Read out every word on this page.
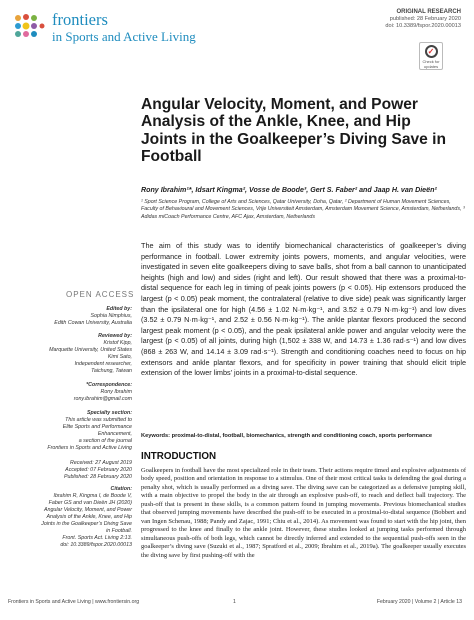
frontiers
in Sports and Active Living
ORIGINAL RESEARCH
published: 28 February 2020
doi: 10.3389/fspor.2020.00013
✓
Check for updates
Angular Velocity, Moment, and Power Analysis of the Ankle, Knee, and Hip Joints in the Goalkeeper’s Diving Save in Football
Rony Ibrahim¹*, Idsart Kingma², Vosse de Boode³, Gert S. Faber² and Jaap H. van Dieën²
¹ Sport Science Program, College of Arts and Sciences, Qatar University, Doha, Qatar, ² Department of Human Movement Sciences, Faculty of Behavioural and Movement Sciences, Vrije Universiteit Amsterdam, Amsterdam Movement Science, Amsterdam, Netherlands, ³ Adidas miCoach Performance Centre, AFC Ajax, Amsterdam, Netherlands
The aim of this study was to identify biomechanical characteristics of goalkeeper’s diving performance in football. Lower extremity joints powers, moments, and angular velocities, were investigated in seven elite goalkeepers diving to save balls, shot from a ball cannon to unanticipated heights (high and low) and sides (right and left). Our result showed that there was a proximal-to-distal sequence for each leg in timing of peak joints powers (p < 0.05). Hip extensors produced the largest (p < 0.05) peak moment, the contralateral (relative to dive side) peak was significantly larger than the ipsilateral one for high (4.56 ± 1.02 N·m·kg⁻¹, and 3.52 ± 0.79 N·m·kg⁻¹) and low dives (3.52 ± 0.79 N·m·kg⁻¹, and 2.52 ± 0.56 N·m·kg⁻¹). The ankle plantar flexors produced the second largest peak moment (p < 0.05), and the peak ipsilateral ankle power and angular velocity were the largest (p < 0.05) of all joints, during high (1,502 ± 338 W, and 14.73 ± 1.36 rad·s⁻¹) and low dives (868 ± 263 W, and 14.14 ± 3.09 rad·s⁻¹). Strength and conditioning coaches need to focus on hip extensors and ankle plantar flexors, and for specificity in power training that should elicit triple extension of the lower limbs’ joints in a proximal-to-distal sequence.
Keywords: proximal-to-distal, football, biomechanics, strength and conditioning coach, sports performance
INTRODUCTION
Goalkeepers in football have the most specialized role in their team. Their actions require timed and explosive adjustments of body speed, position and orientation in response to a stimulus. One of their most critical tasks is defending the goal during a penalty shot, which is usually performed as a diving save. The diving save can be categorized as a defensive jumping skill, with a main objective to propel the body in the air through an explosive push-off, to reach and deflect ball trajectory. The push-off that is present in these skills, is a common pattern found in jumping movements. Previous biomechanical studies that observed jumping movements have described the push-off to be executed in a proximal-to-distal sequence (Bobbert and van Ingen Schenau, 1988; Pandy and Zajac, 1991; Chiu et al., 2014). As movement was found to start with the hip joint, then progressed to the knee and finally to the ankle joint. However, these studies looked at jumping tasks performed through simultaneous push-offs of both legs, which cannot be directly inferred and extended to the sequential push-offs seen in the goalkeeper’s diving save (Suzuki et al., 1987; Spratford et al., 2009; Ibrahim et al., 2019a). The goalkeeper usually executes the diving save by first pushing-off with the
OPEN ACCESS
Edited by:
Sophia Nimphius,
Edith Cowan University, Australia
Reviewed by:
Kristof Kipp,
Marquette University, United States
Kimi Sato,
Independent researcher,
Taichung, Taiwan
*Correspondence:
Rony Ibrahim
rony.ibrahim@gmail.com
Specialty section:
This article was submitted to
Elite Sports and Performance
Enhancement,
a section of the journal
Frontiers in Sports and Active Living
Received: 27 August 2019
Accepted: 07 February 2020
Published: 28 February 2020
Citation:
Ibrahim R, Kingma I, de Boode V,
Faber GS and van Dieën JH (2020)
Angular Velocity, Moment, and Power
Analysis of the Ankle, Knee, and Hip
Joints in the Goalkeeper’s Diving Save
in Football.
Front. Sports Act. Living 2:13.
doi: 10.3389/fspor.2020.00013
Frontiers in Sports and Active Living | www.frontiersin.org	1	February 2020 | Volume 2 | Article 13
